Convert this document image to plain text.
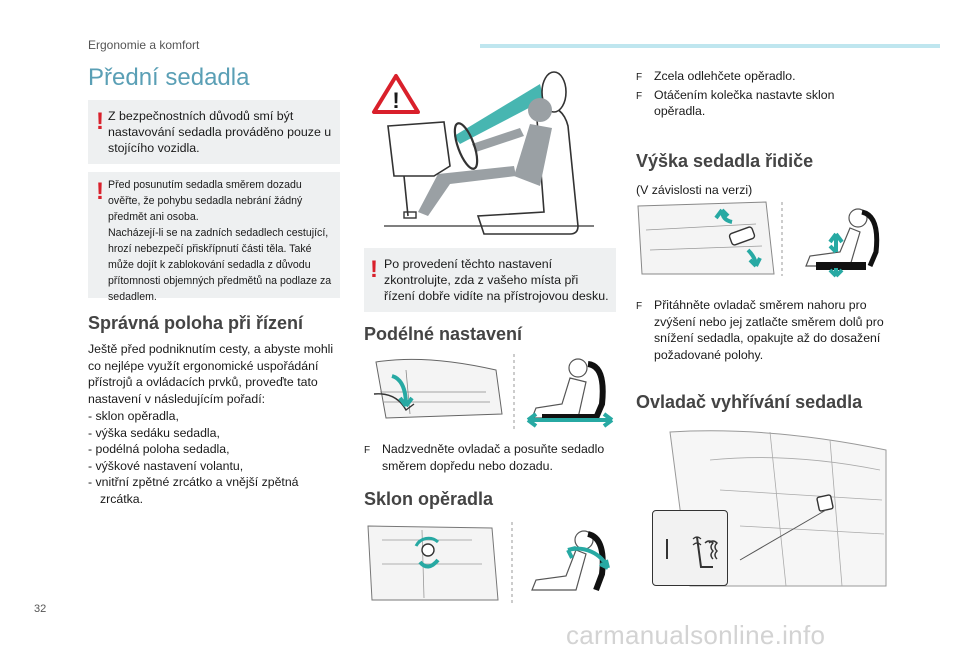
Ergonomie a komfort
Přední sedadla
! Z bezpečnostních důvodů smí být nastavování sedadla prováděno pouze u stojícího vozidla.
! Před posunutím sedadla směrem dozadu ověřte, že pohybu sedadla nebrání žádný předmět ani osoba.
Nacházejí-li se na zadních sedadlech cestující, hrozí nebezpečí přiskřípnutí části těla. Také může dojít k zablokování sedadla z důvodu přítomnosti objemných předmětů na podlaze za sedadlem.
Správná poloha při řízení
Ještě před podniknutím cesty, a abyste mohli co nejlépe využít ergonomické uspořádání přístrojů a ovládacích prvků, proveďte tato nastavení v následujícím pořadí:
- sklon opěradla,
- výška sedáku sedadla,
- podélná poloha sedadla,
- výškové nastavení volantu,
- vnitřní zpětné zrcátko a vnější zpětná zrcátka.
!
! Po provedení těchto nastavení zkontrolujte, zda z vašeho místa při řízení dobře vidíte na přístrojovou desku.
Podélné nastavení
F Nadzvedněte ovladač a posuňte sedadlo směrem dopředu nebo dozadu.
Sklon opěradla
F Zcela odlehčete opěradlo.
F Otáčením kolečka nastavte sklon opěradla.
Výška sedadla řidiče
(V závislosti na verzi)
F Přitáhněte ovladač směrem nahoru pro zvýšení nebo jej zatlačte směrem dolů pro snížení sedadla, opakujte až do dosažení požadované polohy.
Ovladač vyhřívání sedadla
32
carmanualsonline.info
